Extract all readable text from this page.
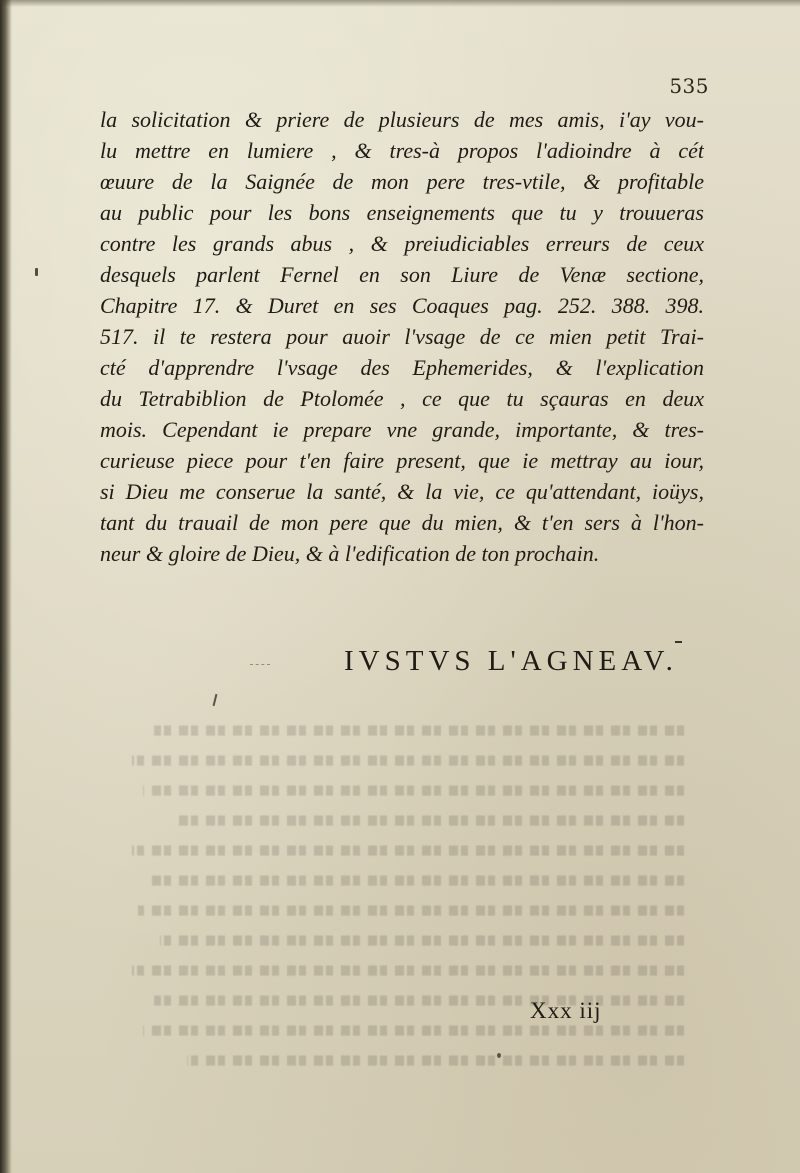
535
la solicitation & priere de plusieurs de mes amis, i'ay vou-
lu mettre en lumiere , & tres-à propos l'adioindre à cét
œuure de la Saignée de mon pere tres-vtile, & profitable
au public pour les bons enseignements que tu y trouueras
contre les grands abus , & preiudiciables erreurs de ceux
desquels parlent Fernel en son Liure de Venæ sectione,
Chapitre 17. & Duret en ses Coaques pag. 252. 388. 398.
517. il te restera pour auoir l'vsage de ce mien petit Trai-
cté d'apprendre l'vsage des Ephemerides, & l'explication
du Tetrabiblion de Ptolomée , ce que tu sçauras en deux
mois. Cependant ie prepare vne grande, importante, & tres-
curieuse piece pour t'en faire present, que ie mettray au iour,
si Dieu me conserue la santé, & la vie, ce qu'attendant, ioüys,
tant du trauail de mon pere que du mien, & t'en sers à l'hon-
neur & gloire de Dieu, & à l'edification de ton prochain.
IVSTVS L'AGNEAV.
Xxx iij
